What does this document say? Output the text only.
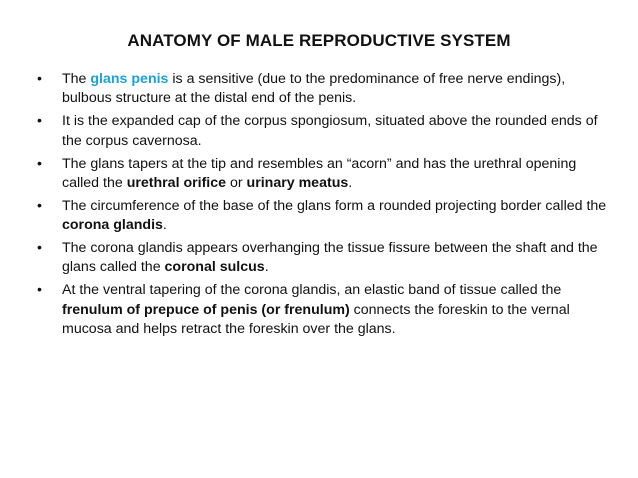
ANATOMY OF MALE REPRODUCTIVE SYSTEM
• The glans penis is a sensitive (due to the predominance of free nerve endings), bulbous structure at the distal end of the penis.
• It is the expanded cap of the corpus spongiosum, situated above the rounded ends of the corpus cavernosa.
• The glans tapers at the tip and resembles an “acorn” and has the urethral opening called the urethral orifice or urinary meatus.
• The circumference of the base of the glans form a rounded projecting border called the corona glandis.
• The corona glandis appears overhanging the tissue fissure between the shaft and the glans called the coronal sulcus.
• At the ventral tapering of the corona glandis, an elastic band of tissue called the frenulum of prepuce of penis (or frenulum) connects the foreskin to the vernal mucosa and helps retract the foreskin over the glans.
